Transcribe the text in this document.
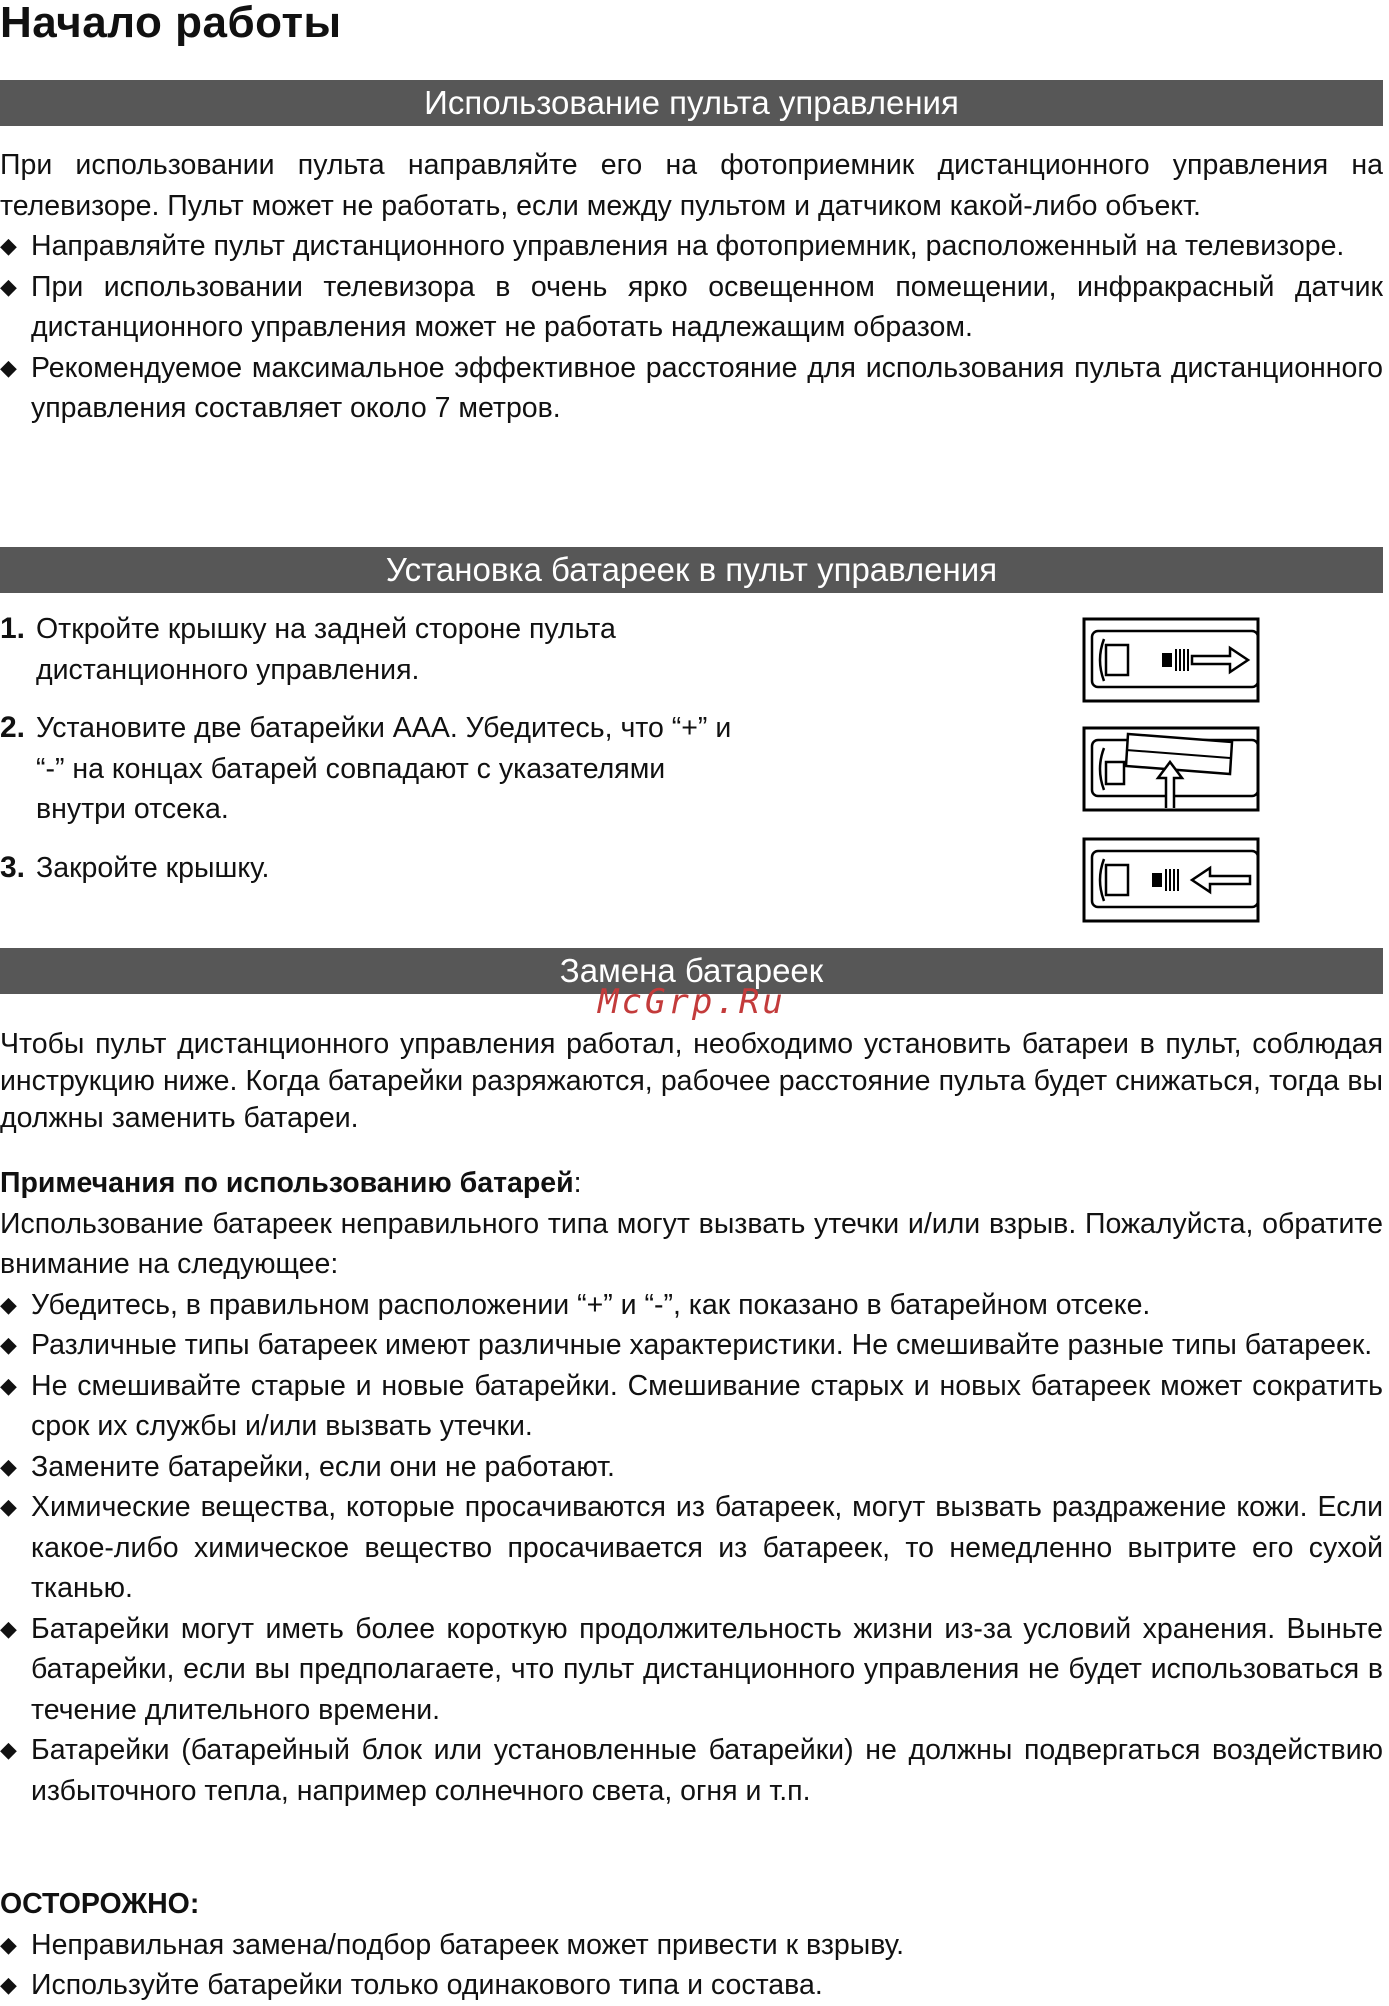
Начало работы
Использование пульта управления

При использовании пульта направляйте его на фотоприемник дистанционного управления на телевизоре. Пульт может не работать, если между пультом и датчиком какой-либо объект.

◆ Направляйте пульт дистанционного управления на фотоприемник, расположенный на телевизоре.

◆ При использовании телевизора в очень ярко освещенном помещении, инфракрасный датчик дистанционного управления может не работать надлежащим образом.

◆ Рекомендуемое максимальное эффективное расстояние для использования пульта дистанционного управления составляет около 7 метров.

Установка батареек в пульт управления
1. Откройте крышку на задней стороне пульта

дистанционного управления.

2. Установите две батарейки AAA. Убедитесь, что “+” и

“-” на концах батарей совпадают с указателями

внутри отсека.

3. Закройте крышку.

Замена батареек
McGrp.Ru

Чтобы пульт дистанционного управления работал, необходимо установить батареи в пульт, соблюдая инструкцию ниже. Когда батарейки разряжаются, рабочее расстояние пульта будет снижаться, тогда вы должны заменить батареи.

Примечания по использованию батарей:

Использование батареек неправильного типа могут вызвать утечки и/или взрыв. Пожалуйста, обратите внимание на следующее:

◆ Убедитесь, в правильном расположении “+” и “-”, как показано в батарейном отсеке.

◆ Различные типы батареек имеют различные характеристики. Не смешивайте разные типы батареек.

◆ Не смешивайте старые и новые батарейки. Смешивание старых и новых батареек может сократить срок их службы и/или вызвать утечки.

◆ Замените батарейки, если они не работают.

◆ Химические вещества, которые просачиваются из батареек, могут вызвать раздражение кожи. Если какое-либо химическое вещество просачивается из батареек, то немедленно вытрите его сухой тканью.

◆ Батарейки могут иметь более короткую продолжительность жизни из-за условий хранения. Выньте батарейки, если вы предполагаете, что пульт дистанционного управления не будет использоваться в течение длительного времени.

◆ Батарейки (батарейный блок или установленные батарейки) не должны подвергаться воздействию избыточного тепла, например солнечного света, огня и т.п.

ОСТОРОЖНО:

◆ Неправильная замена/подбор батареек может привести к взрыву.

◆ Используйте батарейки только одинакового типа и состава.
